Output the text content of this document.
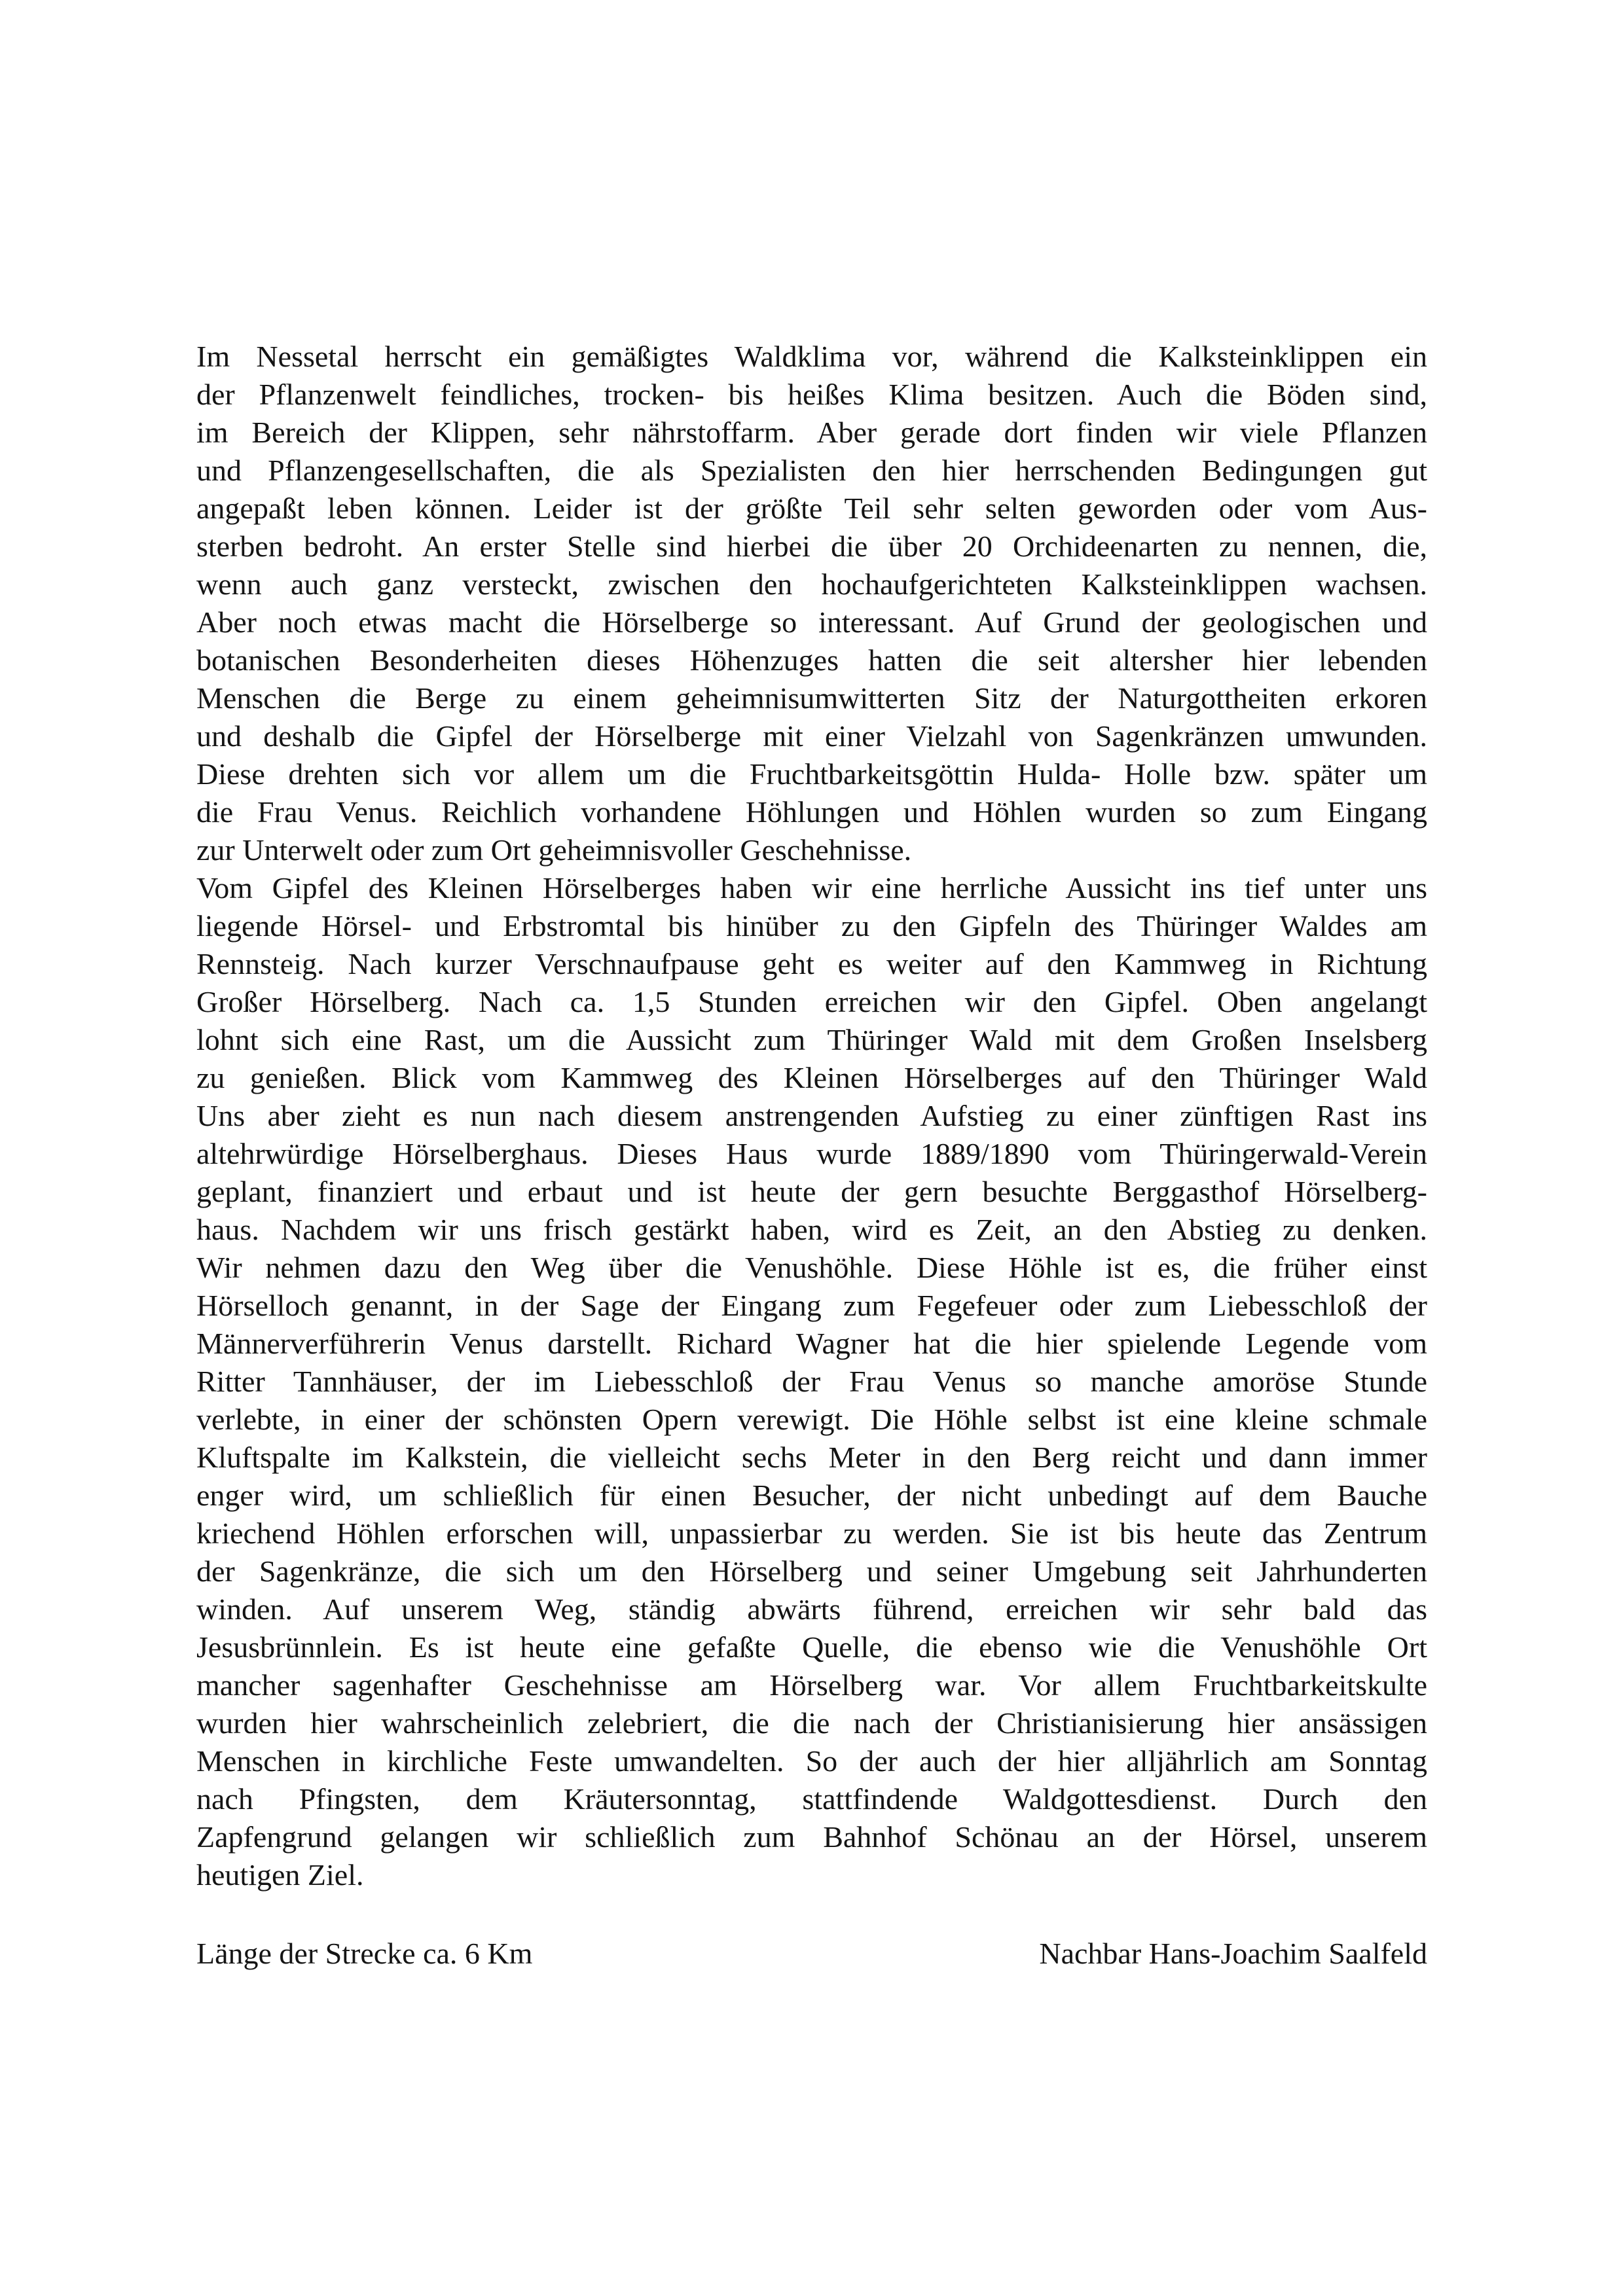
Im Nessetal herrscht ein gemäßigtes Waldklima vor, während die Kalksteinklippen ein
der Pflanzenwelt feindliches, trocken- bis heißes Klima besitzen. Auch die Böden sind,
im Bereich der Klippen, sehr nährstoffarm. Aber gerade dort finden wir viele Pflanzen
und Pflanzengesellschaften, die als Spezialisten den hier herrschenden Bedingungen gut
angepaßt leben können. Leider ist der größte Teil sehr selten geworden oder vom Aus-
sterben bedroht. An erster Stelle sind hierbei die über 20 Orchideenarten zu nennen, die,
wenn auch ganz versteckt, zwischen den hochaufgerichteten Kalksteinklippen wachsen.
Aber noch etwas macht die Hörselberge so interessant. Auf Grund der geologischen und
botanischen Besonderheiten dieses Höhenzuges hatten die seit altersher hier lebenden
Menschen die Berge zu einem geheimnisumwitterten Sitz der Naturgottheiten erkoren
und deshalb die Gipfel der Hörselberge mit einer Vielzahl von Sagenkränzen umwunden.
Diese drehten sich vor allem um die Fruchtbarkeitsgöttin Hulda- Holle bzw. später um
die Frau Venus. Reichlich vorhandene Höhlungen und Höhlen wurden so zum Eingang
zur Unterwelt oder zum Ort geheimnisvoller Geschehnisse.
Vom Gipfel des Kleinen Hörselberges haben wir eine herrliche Aussicht ins tief unter uns
liegende Hörsel- und Erbstromtal bis hinüber zu den Gipfeln des Thüringer Waldes am
Rennsteig. Nach kurzer Verschnaufpause geht es weiter auf den Kammweg in Richtung
Großer Hörselberg. Nach ca. 1,5 Stunden erreichen wir den Gipfel. Oben angelangt
lohnt sich eine Rast, um die Aussicht zum Thüringer Wald mit dem Großen Inselsberg
zu genießen. Blick vom Kammweg des Kleinen Hörselberges auf den Thüringer Wald
Uns aber zieht es nun nach diesem anstrengenden Aufstieg zu einer zünftigen Rast ins
altehrwürdige Hörselberghaus. Dieses Haus wurde 1889/1890 vom Thüringerwald-Verein
geplant, finanziert und erbaut und ist heute der gern besuchte Berggasthof Hörselberg-
haus. Nachdem wir uns frisch gestärkt haben, wird es Zeit, an den Abstieg zu denken.
Wir nehmen dazu den Weg über die Venushöhle. Diese Höhle ist es, die früher einst
Hörselloch genannt, in der Sage der Eingang zum Fegefeuer oder zum Liebesschloß der
Männerverführerin Venus darstellt. Richard Wagner hat die hier spielende Legende vom
Ritter Tannhäuser, der im Liebesschloß der Frau Venus so manche amoröse Stunde
verlebte, in einer der schönsten Opern verewigt. Die Höhle selbst ist eine kleine schmale
Kluftspalte im Kalkstein, die vielleicht sechs Meter in den Berg reicht und dann immer
enger wird, um schließlich für einen Besucher, der nicht unbedingt auf dem Bauche
kriechend Höhlen erforschen will, unpassierbar zu werden. Sie ist bis heute das Zentrum
der Sagenkränze, die sich um den Hörselberg und seiner Umgebung seit Jahrhunderten
winden. Auf unserem Weg, ständig abwärts führend, erreichen wir sehr bald das
Jesusbrünnlein. Es ist heute eine gefaßte Quelle, die ebenso wie die Venushöhle Ort
mancher sagenhafter Geschehnisse am Hörselberg war. Vor allem Fruchtbarkeitskulte
wurden hier wahrscheinlich zelebriert, die die nach der Christianisierung hier ansässigen
Menschen in kirchliche Feste umwandelten. So der auch der hier alljährlich am Sonntag
nach Pfingsten, dem Kräutersonntag, stattfindende Waldgottesdienst. Durch den
Zapfengrund gelangen wir schließlich zum Bahnhof Schönau an der Hörsel, unserem
heutigen Ziel.
Länge der Strecke ca. 6 Km	Nachbar Hans-Joachim Saalfeld
